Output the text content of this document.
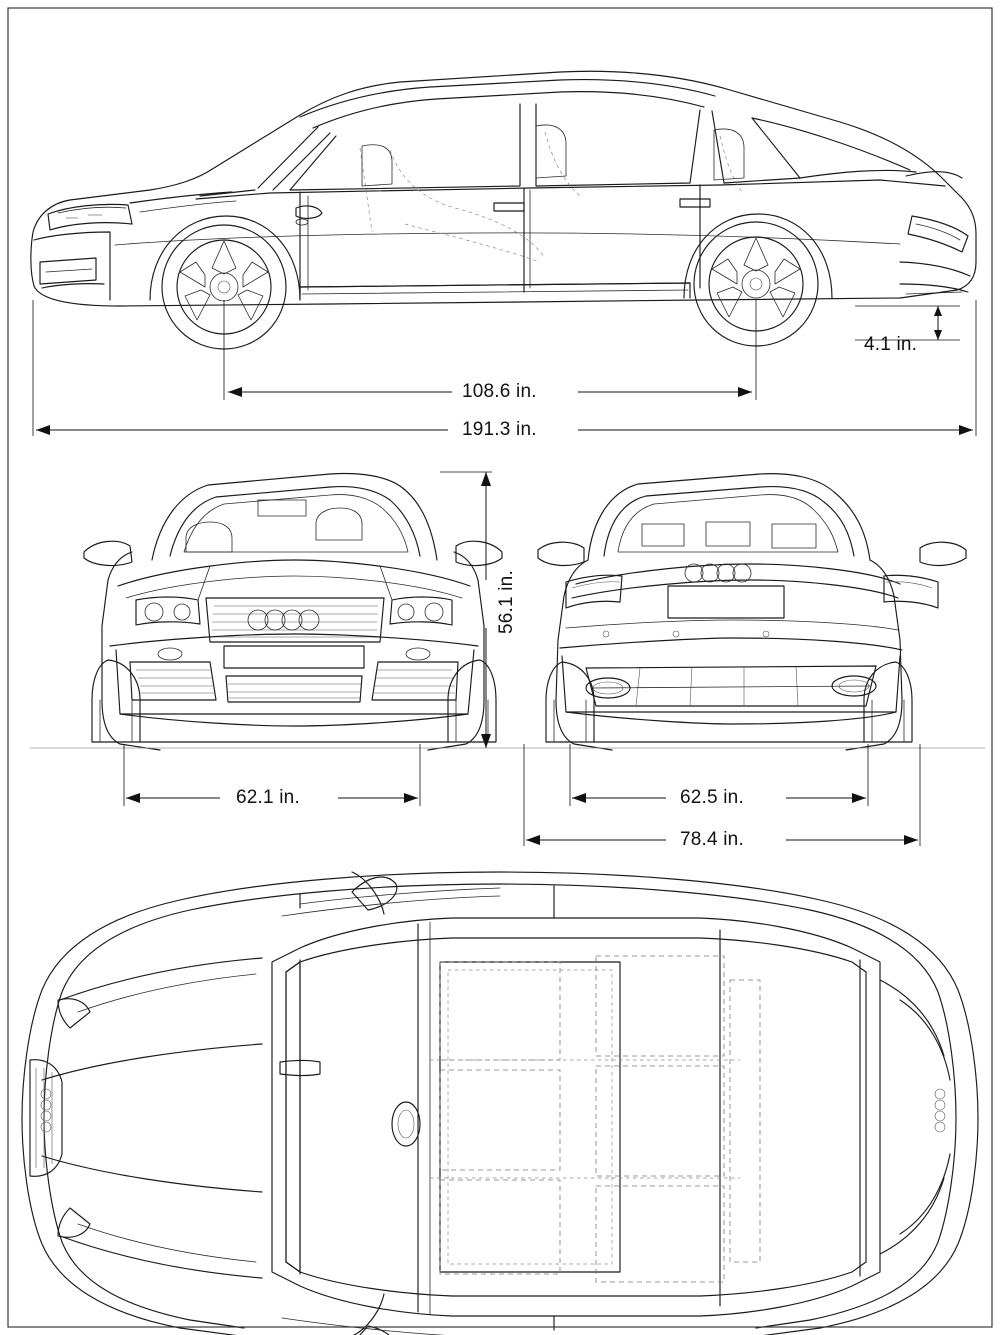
4.1 in.
108.6 in.
191.3 in.
56.1 in.
62.1 in.	62.5 in.
78.4 in.
